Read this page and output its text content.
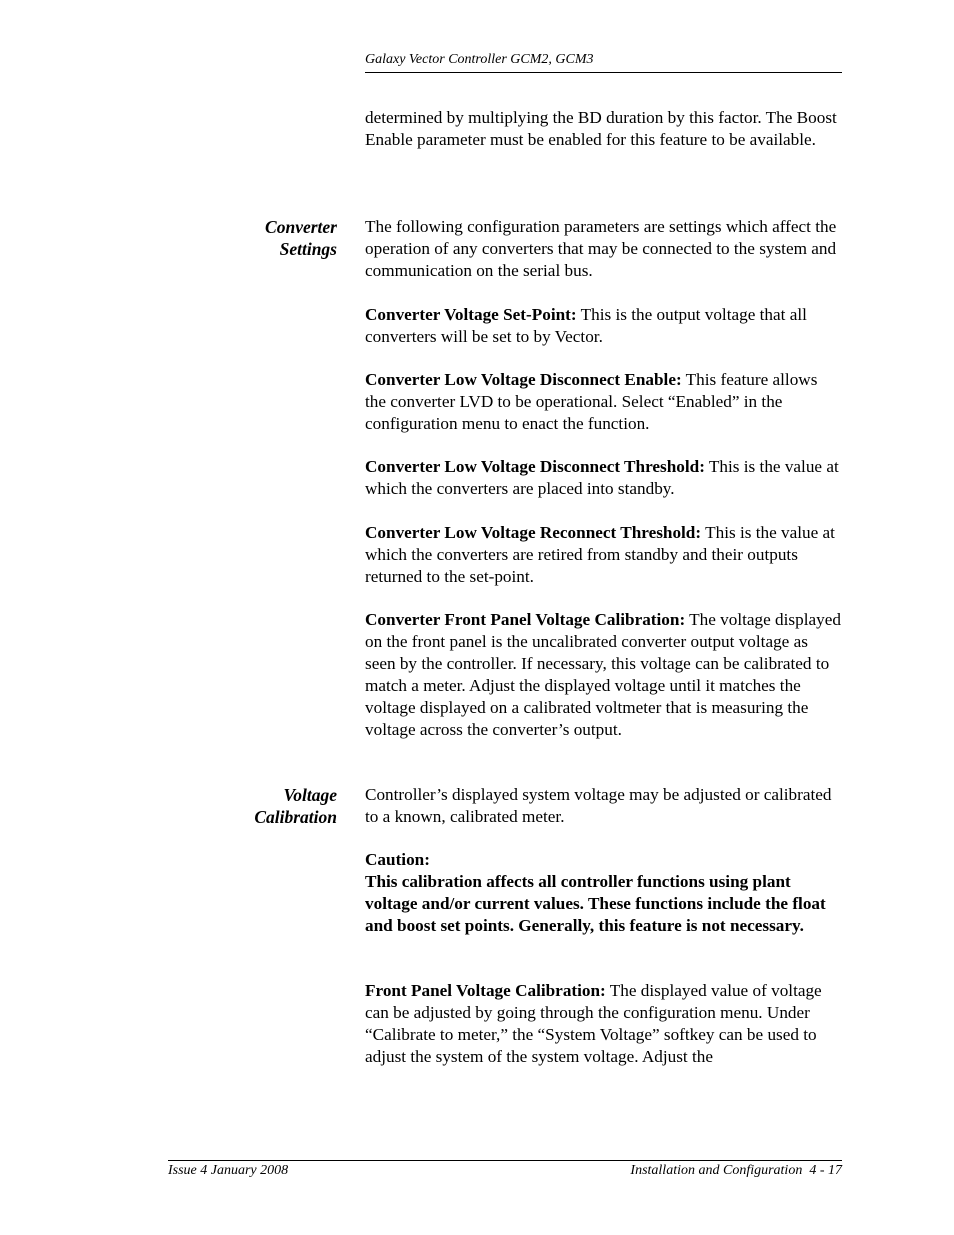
Galaxy Vector Controller GCM2, GCM3

determined by multiplying the BD duration by this factor. The Boost Enable parameter must be enabled for this feature to be available.

Converter
Settings

The following configuration parameters are settings which affect the operation of any converters that may be connected to the system and communication on the serial bus.

Converter Voltage Set-Point: This is the output voltage that all converters will be set to by Vector.

Converter Low Voltage Disconnect Enable: This feature allows the converter LVD to be operational. Select “Enabled” in the configuration menu to enact the function.

Converter Low Voltage Disconnect Threshold: This is the value at which the converters are placed into standby.

Converter Low Voltage Reconnect Threshold: This is the value at which the converters are retired from standby and their outputs returned to the set-point.

Converter Front Panel Voltage Calibration: The voltage displayed on the front panel is the uncalibrated converter output voltage as seen by the controller. If necessary, this voltage can be calibrated to match a meter. Adjust the displayed voltage until it matches the voltage displayed on a calibrated voltmeter that is measuring the voltage across the converter’s output.

Voltage
Calibration

Controller’s displayed system voltage may be adjusted or calibrated to a known, calibrated meter.

Caution:

This calibration affects all controller functions using plant voltage and/or current values. These functions include the float and boost set points. Generally, this feature is not necessary.

Front Panel Voltage Calibration: The displayed value of voltage can be adjusted by going through the configuration menu. Under “Calibrate to meter,” the “System Voltage” softkey can be used to adjust the system of the system voltage. Adjust the

Issue 4 January 2008	Installation and Configuration  4 - 17
